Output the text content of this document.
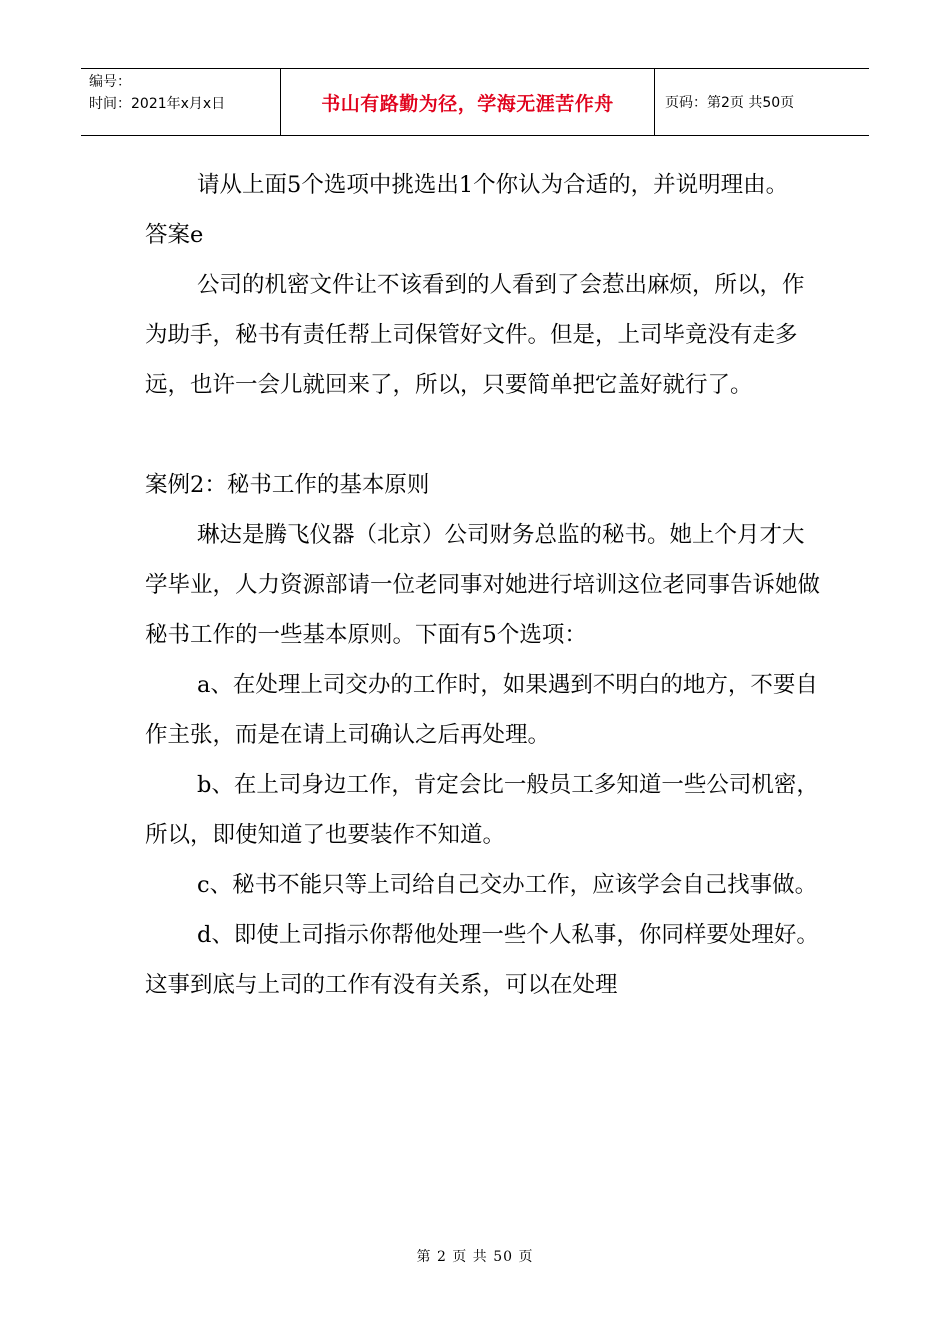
编号：
时间：2021年x月x日	书山有路勤为径，学海无涯苦作舟	页码：第2页 共50页

请从上面5个选项中挑选出1个你认为合适的，并说明理由。

答案e

公司的机密文件让不该看到的人看到了会惹出麻烦，所以，作为助手，秘书有责任帮上司保管好文件。但是，上司毕竟没有走多远，也许一会儿就回来了，所以，只要简单把它盖好就行了。

案例2：秘书工作的基本原则

琳达是腾飞仪器（北京）公司财务总监的秘书。她上个月才大学毕业，人力资源部请一位老同事对她进行培训这位老同事告诉她做秘书工作的一些基本原则。下面有5个选项：

a、在处理上司交办的工作时，如果遇到不明白的地方，不要自作主张，而是在请上司确认之后再处理。

b、在上司身边工作，肯定会比一般员工多知道一些公司机密，所以，即使知道了也要装作不知道。

c、秘书不能只等上司给自己交办工作，应该学会自己找事做。

d、即使上司指示你帮他处理一些个人私事，你同样要处理好。这事到底与上司的工作有没有关系，可以在处理

第 2 页 共 50 页
